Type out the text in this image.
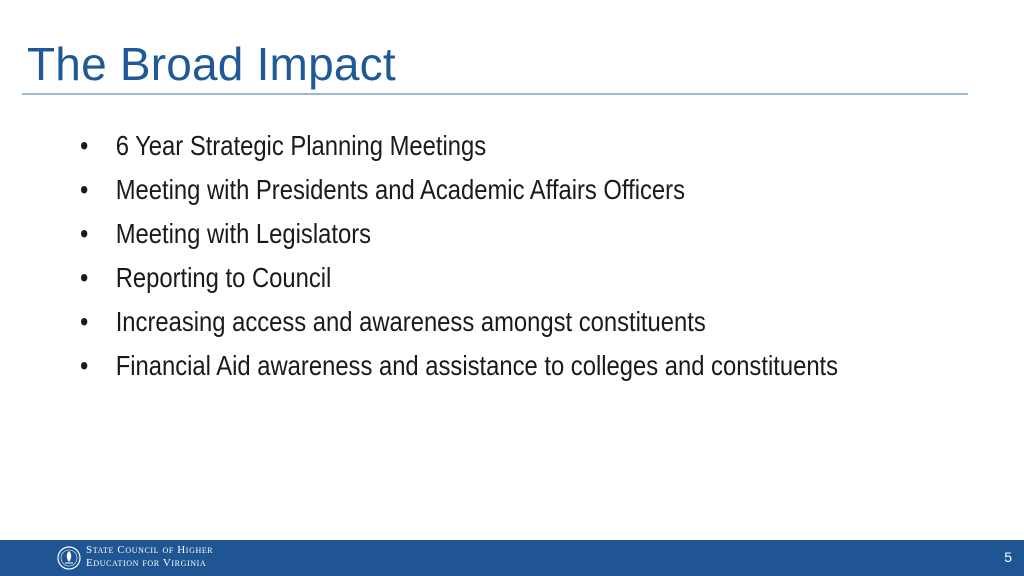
The Broad Impact
• 6 Year Strategic Planning Meetings
• Meeting with Presidents and Academic Affairs Officers
• Meeting with Legislators
• Reporting to Council
• Increasing access and awareness amongst constituents
• Financial Aid awareness and assistance to colleges and constituents
State Council of Higher
Education for Virginia	5
